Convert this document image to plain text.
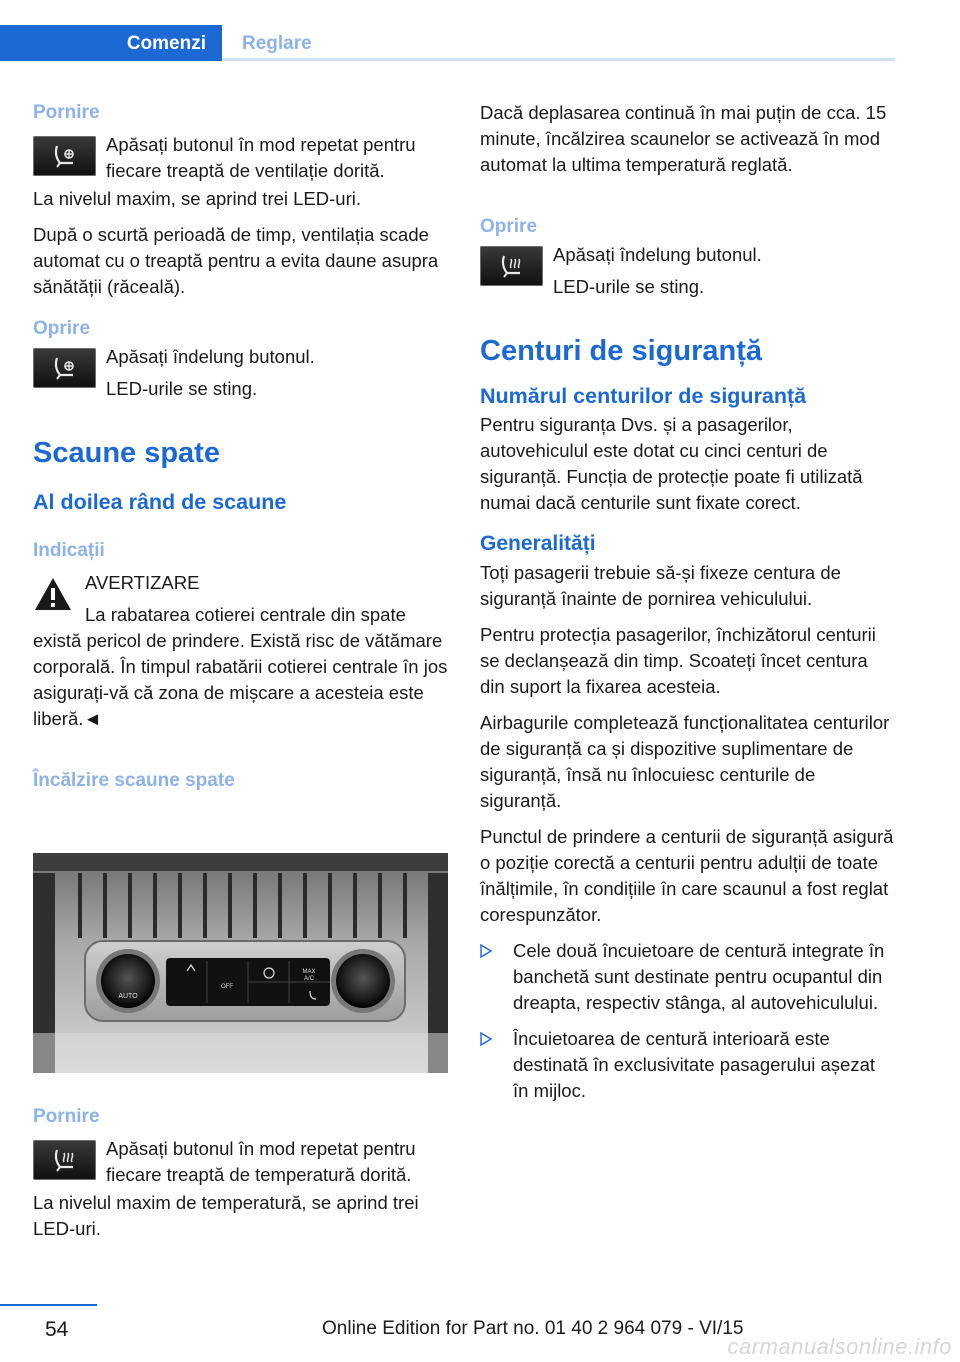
Comenzi Reglare

Pornire

Apăsați butonul în mod repetat pentru fiecare treaptă de ventilație dorită.

La nivelul maxim, se aprind trei LED-uri.

După o scurtă perioadă de timp, ventilația scade automat cu o treaptă pentru a evita daune asupra sănătății (răceală).

Oprire

Apăsați îndelung butonul.

LED-urile se sting.

Scaune spate

Al doilea rând de scaune

Indicații

AVERTIZARE

La rabatarea cotierei centrale din spate există pericol de prindere. Există risc de vătămare corporală. În timpul rabatării cotierei centrale în jos asigurați-vă că zona de mișcare a acesteia este liberă.◄

Încălzire scaune spate

AUTO
OFF
MAX
A/C

Pornire

Apăsați butonul în mod repetat pentru fiecare treaptă de temperatură dorită.

La nivelul maxim de temperatură, se aprind trei LED-uri.

Dacă deplasarea continuă în mai puțin de cca. 15 minute, încălzirea scaunelor se activează în mod automat la ultima temperatură reglată.

Oprire

Apăsați îndelung butonul.

LED-urile se sting.

Centuri de siguranță

Numărul centurilor de siguranță

Pentru siguranța Dvs. și a pasagerilor, autovehiculul este dotat cu cinci centuri de siguranță. Funcția de protecție poate fi utilizată numai dacă centurile sunt fixate corect.

Generalități

Toți pasagerii trebuie să-și fixeze centura de siguranță înainte de pornirea vehiculului.

Pentru protecția pasagerilor, închizătorul centurii se declanșează din timp. Scoateți încet centura din suport la fixarea acesteia.

Airbagurile completează funcționalitatea centurilor de siguranță ca și dispozitive suplimentare de siguranță, însă nu înlocuiesc centurile de siguranță.

Punctul de prindere a centurii de siguranță asigură o poziție corectă a centurii pentru adulții de toate înălțimile, în condițiile în care scaunul a fost reglat corespunzător.

Cele două încuietoare de centură integrate în banchetă sunt destinate pentru ocupantul din dreapta, respectiv stânga, al autovehiculului.
Încuietoarea de centură interioară este destinată în exclusivitate pasagerului așezat în mijloc.
54	Online Edition for Part no. 01 40 2 964 079 - VI/15
carmanualsonline.info
